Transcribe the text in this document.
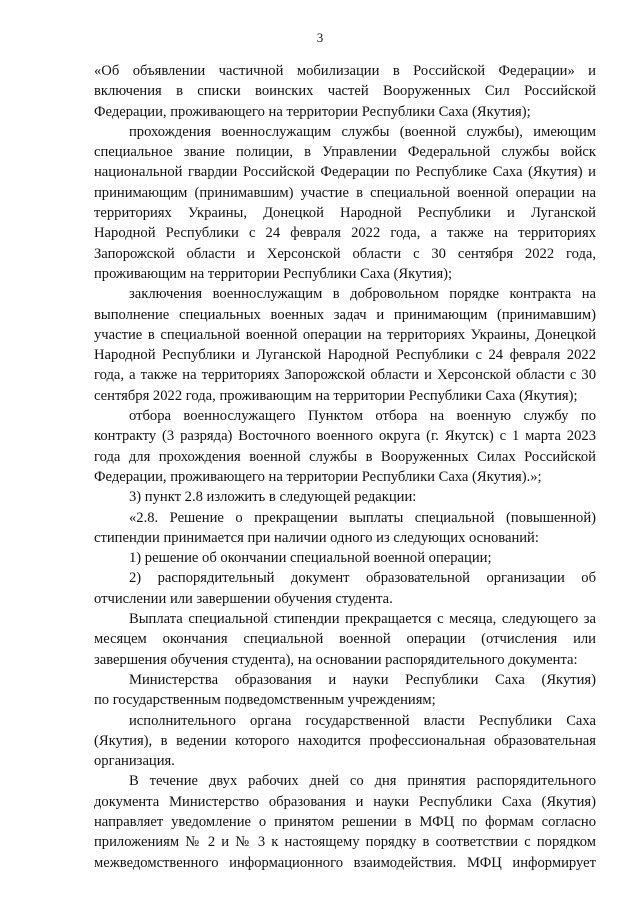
3

«Об объявлении частичной мобилизации в Российской Федерации» и

включения в списки воинских частей Вооруженных Сил Российской

Федерации, проживающего на территории Республики Саха (Якутия);

прохождения военнослужащим службы (военной службы), имеющим

специальное звание полиции, в Управлении Федеральной службы войск

национальной гвардии Российской Федерации по Республике Саха (Якутия) и

принимающим (принимавшим) участие в специальной военной операции на

территориях Украины, Донецкой Народной Республики и Луганской

Народной Республики с 24 февраля 2022 года, а также на территориях

Запорожской области и Херсонской области с 30 сентября 2022 года,

проживающим на территории Республики Саха (Якутия);

заключения военнослужащим в добровольном порядке контракта на

выполнение специальных военных задач и принимающим (принимавшим)

участие в специальной военной операции на территориях Украины, Донецкой

Народной Республики и Луганской Народной Республики с 24 февраля 2022

года, а также на территориях Запорожской области и Херсонской области с 30

сентября 2022 года, проживающим на территории Республики Саха (Якутия);

отбора военнослужащего Пунктом отбора на военную службу по

контракту (3 разряда) Восточного военного округа (г. Якутск) с 1 марта 2023

года для прохождения военной службы в Вооруженных Силах Российской

Федерации, проживающего на территории Республики Саха (Якутия).»;

3) пункт 2.8 изложить в следующей редакции:

«2.8. Решение о прекращении выплаты специальной (повышенной)

стипендии принимается при наличии одного из следующих оснований:

1) решение об окончании специальной военной операции;

2) распорядительный документ образовательной организации об

отчислении или завершении обучения студента.

Выплата специальной стипендии прекращается с месяца, следующего за

месяцем окончания специальной военной операции (отчисления или

завершения обучения студента), на основании распорядительного документа:

Министерства образования и науки Республики Саха (Якутия)

по государственным подведомственным учреждениям;

исполнительного органа государственной власти Республики Саха

(Якутия), в ведении которого находится профессиональная образовательная

организация.

В течение двух рабочих дней со дня принятия распорядительного

документа Министерство образования и науки Республики Саха (Якутия)

направляет уведомление о принятом решении в МФЦ по формам согласно

приложениям № 2 и № 3 к настоящему порядку в соответствии с порядком

межведомственного информационного взаимодействия. МФЦ информирует
